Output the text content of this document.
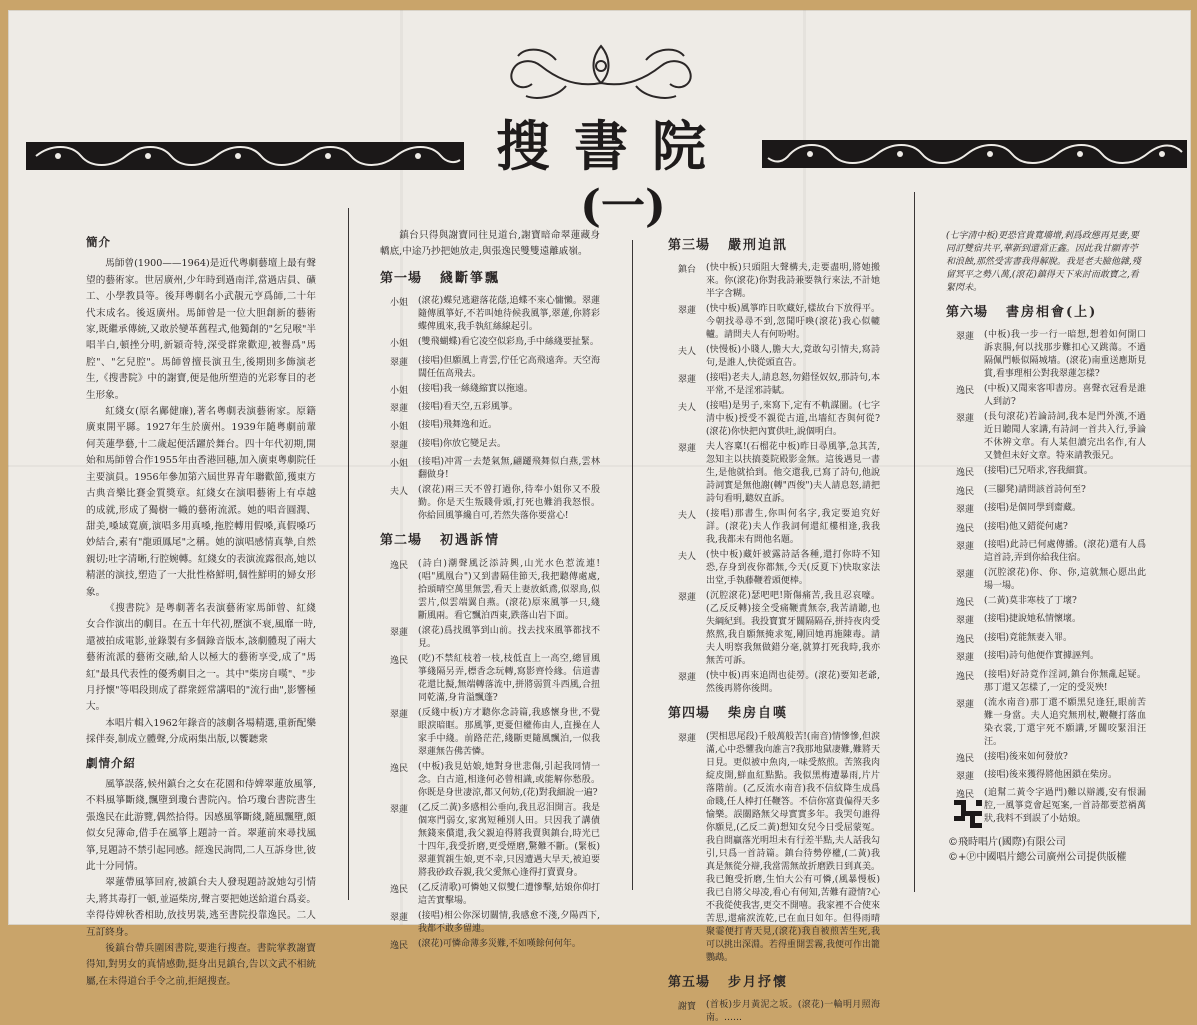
搜書院
(一)
簡介

馬師曾(1900——1964)是近代粵劇藝壇上最有聲望的藝術家。世居廣州,少年時到過南洋,當過店員、礦工、小學教員等。後拜粵劇名小武靚元亨爲師,二十年代末成名。後返廣州。馬師曾是一位大胆創新的藝術家,既繼承傳統,又敢於變革舊程式,他獨創的"乞兒喉"半唱半白,頓挫分明,新穎奇特,深受群衆歡迎,被譽爲"馬腔"、"乞兒腔"。馬師曾擅長演丑生,後期則多飾演老生,《搜書院》中的謝寶,便是他所塑造的光彩奪目的老生形象。

紅綫女(原名鄺健廉),著名粵劇表演藝術家。原籍廣東開平縣。1927年生於廣州。1939年隨粵劇前輩何芙蓮學藝,十二歲起便活躍於舞台。四十年代初期,開始和馬師曾合作1955年由香港回穗,加入廣東粵劇院任主要演員。1956年參加第六屆世界青年聯歡節,獲東方古典音樂比賽金質獎章。紅綫女在演唱藝術上有卓越的成就,形成了獨樹一幟的藝術流派。她的唱音圓潤、甜美,嗓域寬廣,演唱多用真嗓,拖腔轉用假嗓,真假嗓巧妙結合,素有"龍頭鳳尾"之稱。她的演唱感情真摯,自然親切;吐字清晰,行腔婉轉。紅綫女的表演流露很高,她以精湛的演技,塑造了一大批性格鮮明,個性鮮明的婦女形象。

《搜書院》是粵劇著名表演藝術家馬師曾、紅綫女合作演出的劇目。在五十年代初,歷演不衰,風靡一時,還被拍成電影,並錄製有多個錄音版本,該劇體現了兩大藝術流派的藝術交融,給人以極大的藝術享受,成了"馬紅"最具代表性的優秀劇目之一。其中"柴房自嘆"、"步月抒懷"等唱段則成了群衆經常講唱的"流行曲",影響極大。

本唱片輯入1962年錄音的該劇各場精選,重新配樂採伴奏,制成立體聲,分成兩集出版,以饗聽衆

劇情介紹

風箏誤落,候州鎮台之女在花園和侍婢翠蓮放風箏,不料風箏斷綫,飄墮到瓊台書院內。恰巧瓊台書院書生張逸民在此游覽,偶然拾得。因感風箏斷綫,隨風飄墮,頗似女兒薄命,借手在風箏上題詩一首。翠蓮前來尋找風箏,見題詩不禁引起同感。經逸民詢問,二人互訴身世,彼此十分同情。

翠蓮帶風箏回府,被鎮台夫人發現題詩說她勾引情夫,將其毒打一頓,並逼柴房,聲言要把她送給道台爲妾。幸得侍婢秋香相助,放技男裝,逃至書院投靠逸民。二人互訂終身。

後鎮台帶兵圍困書院,要進行搜查。書院掌教謝寶得知,對男女的真情感動,挺身出見鎮台,告以文武不相統屬,在未得道台手令之前,拒絕搜查。

鎮台只得與謝寶同往見道台,謝寶暗命翠蓮藏身轎底,中途乃抄把她放走,與張逸民雙雙遠離戚嶺。

第一場 綫斷箏飄
小姐	(滾花)蝶兒逃避落花蔭,追蝶不來心慵懶。翠蓮隨傳風箏好,不若叫她待候我風箏,翠蓮,你將彩蝶俾風來,我手執紅絲線起引。
小姐	(雙飛蝴蝶)看它凌空似彩鳥,手中絲綫要扯緊。
翠蓮	(接唱)但願風上青雲,佇任它高飛遠奔。天空海闊任伍高飛去。
小姐	(接唱)我一絲綫縮實以拖遠。
翠蓮	(接唱)看天空,五彩風箏。
小姐	(接唱)飛舞逸和近。
翠蓮	(接唱)你放它變足去。
小姐	(接唱)冲霄一去楚氣無,翩躚飛舞似白燕,雲林翻做身!
夫人	(滾花)兩三天不曾打過你,待奉小姐你又不殷勤。你是天生叛賤骨頭,打死也難消我怒恨。你給回風箏纔自可,若然失落你要當心!
第二場 初遇訴情
逸民	(詩白)潮聲風泛添詩興,山光水色惹流連!(唱"風凰台")又到書隔佳節天,我把聽傳處處,拾頭晴空萬里無雲,看天上妻放紙鳶,似翠鳥,似雲片,似雲端翼自燕。(滾花)原來風箏一只,綫斷風兩。看它飄泊西東,跌落山岩下面。
翠蓮	(滾花)爲找風箏到山前。找去找來風箏都找不見。
逸民	(吃)不禁紅枝着一枝,枝低直上一高空,總冒風箏綫隔另弄,標香念玩轉,寫影齊怜緣。信道書花還比擬,無端轉落流中,拼將弱質斗西風,合扭同乾滿,身肯溢飄蓬?
翠蓮	(反綫中板)方才聽你念詩篇,我感懷身世,不覺眼淚暗眶。那風箏,更憂但權佈由人,直操在人家手中綫。前路茫茫,綫斷更隨風飄泊,一似我翠蓮無告佛苦憐。
逸民	(中板)我見姑娘,她對身世悲傷,引起我同情一念。白古道,相逢何必曾相識,或能解你愁殷。你既是身世凄涼,都又何妨,(花)對我細說一遍?
翠蓮	(乙反二黃)多感相公垂向,我且忍泪開言。我是個寒門弱女,家寓短種別人田。只因我了講債無錢來償還,我父親迫得將我賣與鎮台,時光已十四年,我受折磨,更受煙磨,驚難不斷。(緊板)翠蓮賀親生娘,更不幸,只因遭遇大旱天,被迫要將我砂政吞親,我父愛無心逢得打賣賣身。
逸民	(乙反清歌)可憐她又似雙仁遭慘擊,姑娘你仰打這苦實擊場。
翠蓮	(接唱)相公你深切關情,我感愈不淺,夕陽西下,我都不敢多留連。
逸民	(滾花)可憐命薄多災難,不如嘆餘何何年。
第三場 嚴刑迫訊
鎮台	(快中板)只頭阻大聲構夫,走要盡明,將她搬來。你(滾花)你對我詩兼要執行來法,不計她半字含糊。
翠蓮	(快中板)風箏昨日吹藏好,樣故台下放得平。今朝找尋尋不到,忽聞吁喚(滾花)我心似轆轤。請問夫人有何吩咐。
夫人	(快慢板)小賤人,膽大大,竟敢勾引情夫,寫詩句,是誰人,快從頭直告。
翠蓮	(接唱)老夫人,請息怒,勿錯怪奴奴,那詩句,本平常,不是淫邪詩賦。
夫人	(接唱)是男子,來寫下,定有不軌謀圖。(七字清中板)授受不親從古道,出墻紅杏與何從?(滾花)你快把內實供吐,說個明白。
翠蓮	夫人容稟!(石榴花中板)昨日尋風箏,急其苦,忽知主以扶搞菱院殿影金無。這後遇見一書生,是他就拾到。他交還我,已寫了詩句,他說詩詞實是無他謝(轉"西俊")夫人請息怒,請把詩句看明,聽奴直訴。
夫人	(接唱)那書生,你叫何名字,我定要追究好詳。(滾花)夫人作我詞何還紅樓相逢,我我我,我都未有問他名題。
夫人	(快中板)藏奸被露詩話各種,還打你時不知恐,存身到夜你都無,今天(反夏下)快取家法出堂,手執藤鞭着頭便棒。
翠蓮	(沉腔滾花)瑟吧吧!斯傷痛苦,我且忍哀嚎。(乙反反轉)接全受痛鞭責無奈,我苦請聽,也失綱紀到。我投寶實牙關隔隔吞,拼持夜肉受熬熬,我自願無掩求冤,剛回她再施陳毒。請夫人明察我無做錯分毫,就算打死我時,我亦無苦可訴。
翠蓮	(快中板)再來追問也徒勞。(滾花)要知老爺,然後再將你後問。
第四場 柴房自嘆
翠蓮	(哭相思尾段)千般萬般苦!(南音)情慘慘,但淚滿,心中恐懼我向誰言?我那地獄凄難,難將天日見。更似被中魚肉,一味受熬煎。苦煞我肉綻皮開,鮮血紅點點。我似黑梅遭暴雨,片片落階前。(乙反流水南音)我不信紋降生成爲命賤,任人棒打任鞭答。不信你富貴偏得天多愉樂。誤關路無父母實實多年。我哭句誰得你願見,(乙反二黃)想知女兒今日受屈蒙冤。我自問贏落光明坦未有行差半點,夫人話我勾引,只爲一首詩篇。鎮台待勢停權,(二黃)我真是無從分辯,我當需無故折磨跌日到真美。我已飽受折磨,生怕大公有可憐,(風暴慢板)我已自將父母凌,看心有何知,苦難有證情?心不我從使我害,更交不開嘻。我家裡不合使來苦思,還痛淚流乾,已在血日如年。但得雨晴聚霎便打青天見,(滾花)我自被煎苦生死,我可以挑出深淵。若得重開雲霧,我便可作出籠鸚鵡。
第五場 步月抒懷
謝寶	(首板)步月黃泥之坂。(滾花)一輪明月照海南。……
(七字清中板)更恐官貴寬墻增,剎爲政態再見妻,要同訂雙宿共平,華新到還當正鑫。因此我甘願青苧和浪蝕,那然受害書我得解脫。我是老夫臉他雜,殘留冥平之勢八萬,(滾花)鎮得天下來討而敢寶之,看緊閃未。
第六場 書房相會(上)
翠蓮	(中板)我一步一行一暗想,想着如何開口訴衷腸,何以找那步難扣心又跳蕩。不過隔佩門帳似隔城墻。(滾花)南重送應斯見賞,看事理相公對我翠蓮怎樣?
逸民	(中板)又聞來客叩書房。喜聲衣冠看是誰人到訪?
翠蓮	(長句滾花)若論詩詞,我本是門外漢,不過近日聽聞人家講,有詩詞一首共入行,爭論不休辨文章。有人某但讀完出名作,有人又贊但未好文章。特來請教張兄。
逸民	(接唱)已兄唔求,容我細賞。
逸民	(三腳凳)請問該首詩何至?
翠蓮	(接唱)是個同學到齋藏。
逸民	(接唱)他又錯從何處?
翠蓮	(接唱)此詩已何處傳播。(滾花)還有人爲這首詩,弄到你給我住宿。
翠蓮	(沉腔滾花)你、你、你,這就無心愿出此場一場。
逸民	(二黃)莫非寒枝了丁壞?
翠蓮	(接唱)捷說她私情懷壞。
逸民	(接唱)竟能無妻入罪。
翠蓮	(接唱)詩句他便作實據誣判。
逸民	(接唱)好詩竟作淫詞,鎮台你無亂起疑。那丁還又怎樣了,一定的受災殃!
翠蓮	(流水南音)那丁還不願黑兒逢狂,眼前苦難一身當。夫人追究無刑杖,鞭鞭打落血染衣裳,丁還宇死不願講,牙關咬緊泪汪汪。
逸民	(接唱)後來如何發放?
翠蓮	(接唱)後來獲得將他困鎖在柴房。
逸民	(追幫二黃令字過門)難以辯護,安有恨漏腔,一風箏竟會起冤案,一首詩都要惹禍萬狀,我料不到誤了小姑娘。
©飛時唱片(國際)有限公司
©+Ⓟ中國唱片總公司廣州公司提供版權
